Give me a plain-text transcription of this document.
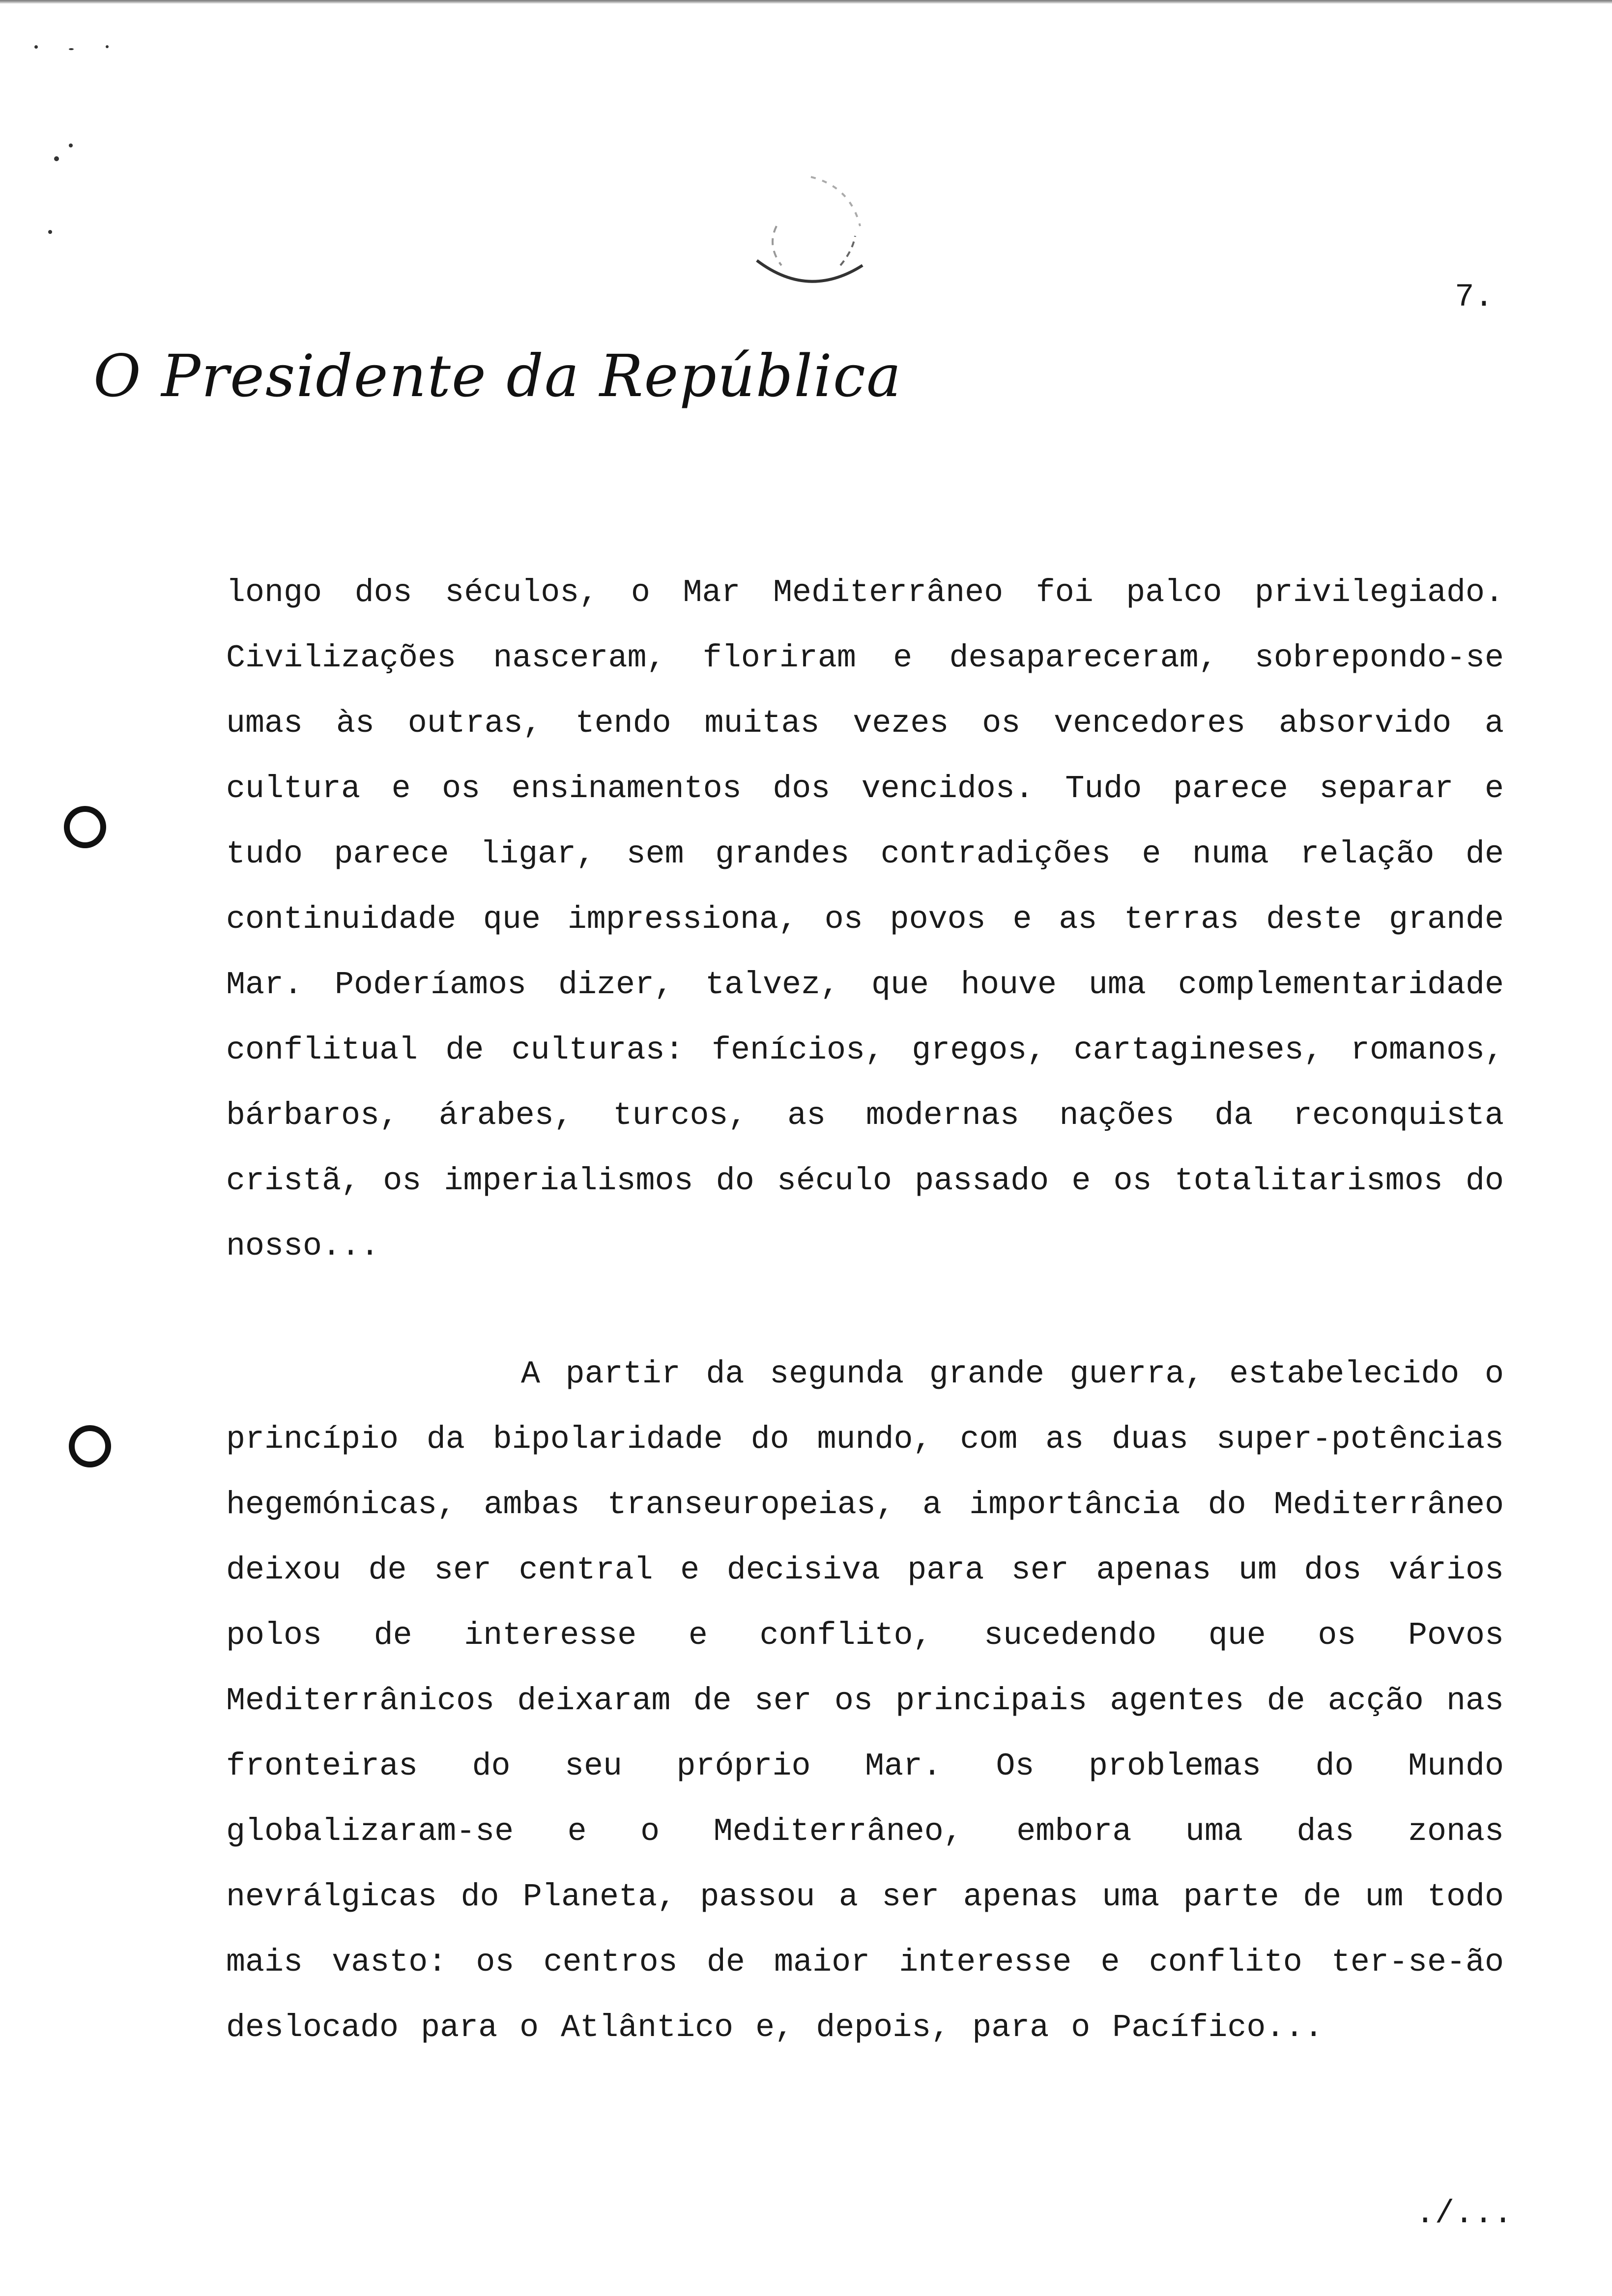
7.
O Presidente da República
longo dos séculos, o Mar Mediterrâneo foi palco privilegiado. Civilizações nasceram, floriram e desapareceram, sobrepondo-se umas às outras, tendo muitas vezes os vencedores absorvido a cultura e os ensinamentos dos vencidos. Tudo parece separar e tudo parece ligar, sem grandes contradições e numa relação de continuidade que impressiona, os povos e as terras deste grande Mar. Poderíamos dizer, talvez, que houve uma complementaridade conflitual de culturas: fenícios, gregos, cartagineses, romanos, bárbaros, árabes, turcos, as modernas nações da reconquista cristã, os imperialismos do século passado e os totalitarismos do nosso...
A partir da segunda grande guerra, estabelecido o princípio da bipolaridade do mundo, com as duas super-potências hegemónicas, ambas transeuropeias, a importância do Mediterrâneo deixou de ser central e decisiva para ser apenas um dos vários polos de interesse e conflito, sucedendo que os Povos Mediterrânicos deixaram de ser os principais agentes de acção nas fronteiras do seu próprio Mar. Os problemas do Mundo globalizaram-se e o Mediterrâneo, embora uma das zonas nevrálgicas do Planeta, passou a ser apenas uma parte de um todo mais vasto: os centros de maior interesse e conflito ter-se-ão deslocado para o Atlântico e, depois, para o Pacífico...
./...
